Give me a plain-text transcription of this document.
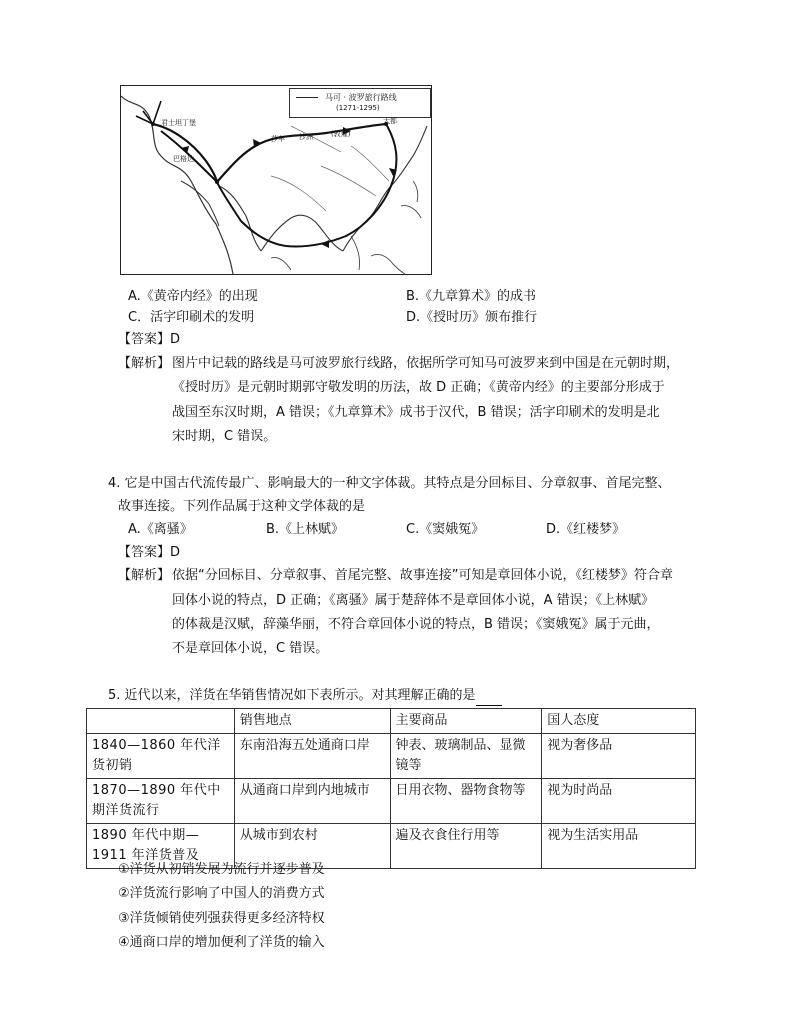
马可 · 波罗旅行路线
(1271-1295)
君士坦丁堡
巴格达
莎车 沙洲	(敦煌)
大都
A.《黄帝内经》的出现	B.《九章算术》的成书
C．活字印刷术的发明	D.《授时历》颁布推行
【答案】D
【解析】 图片中记载的路线是马可波罗旅行线路，依据所学可知马可波罗来到中国是在元朝时期，
《授时历》是元朝时期郭守敬发明的历法，故 D 正确；《黄帝内经》的主要部分形成于
战国至东汉时期，A 错误；《九章算术》成书于汉代，B 错误；活字印刷术的发明是北
宋时期，C 错误。
4. 它是中国古代流传最广、影响最大的一种文字体裁。其特点是分回标目、分章叙事、首尾完整、
故事连接。下列作品属于这种文学体裁的是
A.《离骚》	B.《上林赋》	C.《窦娥冤》	D.《红楼梦》
【答案】D
【解析】 依据“分回标目、分章叙事、首尾完整、故事连接”可知是章回体小说，《红楼梦》符合章
回体小说的特点，D 正确；《离骚》属于楚辞体不是章回体小说，A 错误；《上林赋》
的体裁是汉赋，辞藻华丽，不符合章回体小说的特点，B 错误；《窦娥冤》属于元曲，
不是章回体小说，C 错误。
5. 近代以来，洋货在华销售情况如下表所示。对其理解正确的是
	销售地点	主要商品	国人态度
1840—1860 年代洋货初销	东南沿海五处通商口岸	钟表、玻璃制品、显微镜等	视为奢侈品
1870—1890 年代中期洋货流行	从通商口岸到内地城市	日用衣物、器物食物等	视为时尚品
1890 年代中期—1911 年洋货普及	从城市到农村	遍及衣食住行用等	视为生活实用品
①洋货从初销发展为流行并逐步普及
②洋货流行影响了中国人的消费方式
③洋货倾销使列强获得更多经济特权
④通商口岸的增加便利了洋货的输入
